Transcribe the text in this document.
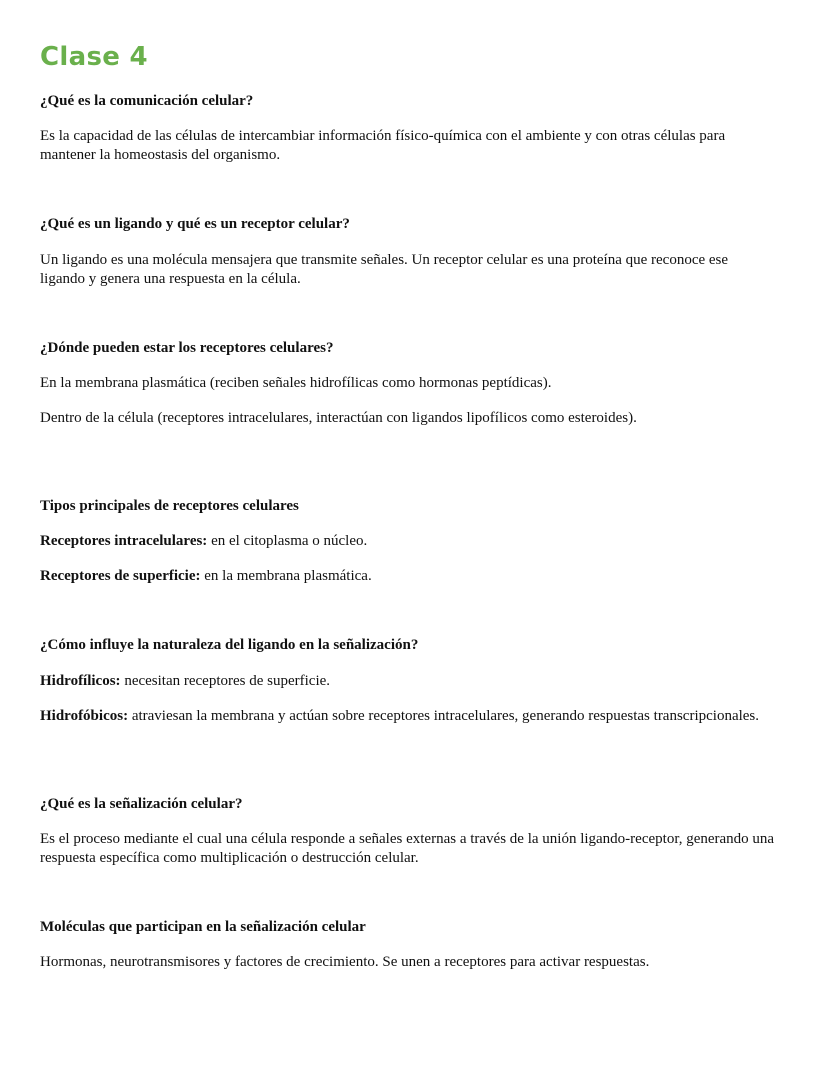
Clase 4
¿Qué es la comunicación celular?

Es la capacidad de las células de intercambiar información físico-química con el ambiente y con otras células para mantener la homeostasis del organismo.

¿Qué es un ligando y qué es un receptor celular?

Un ligando es una molécula mensajera que transmite señales. Un receptor celular es una proteína que reconoce ese ligando y genera una respuesta en la célula.

¿Dónde pueden estar los receptores celulares?

En la membrana plasmática (reciben señales hidrofílicas como hormonas peptídicas).

Dentro de la célula (receptores intracelulares, interactúan con ligandos lipofílicos como esteroides).

Tipos principales de receptores celulares

Receptores intracelulares: en el citoplasma o núcleo.

Receptores de superficie: en la membrana plasmática.

¿Cómo influye la naturaleza del ligando en la señalización?

Hidrofílicos: necesitan receptores de superficie.

Hidrofóbicos: atraviesan la membrana y actúan sobre receptores intracelulares, generando respuestas transcripcionales.

¿Qué es la señalización celular?

Es el proceso mediante el cual una célula responde a señales externas a través de la unión ligando-receptor, generando una respuesta específica como multiplicación o destrucción celular.

Moléculas que participan en la señalización celular

Hormonas, neurotransmisores y factores de crecimiento. Se unen a receptores para activar respuestas.
